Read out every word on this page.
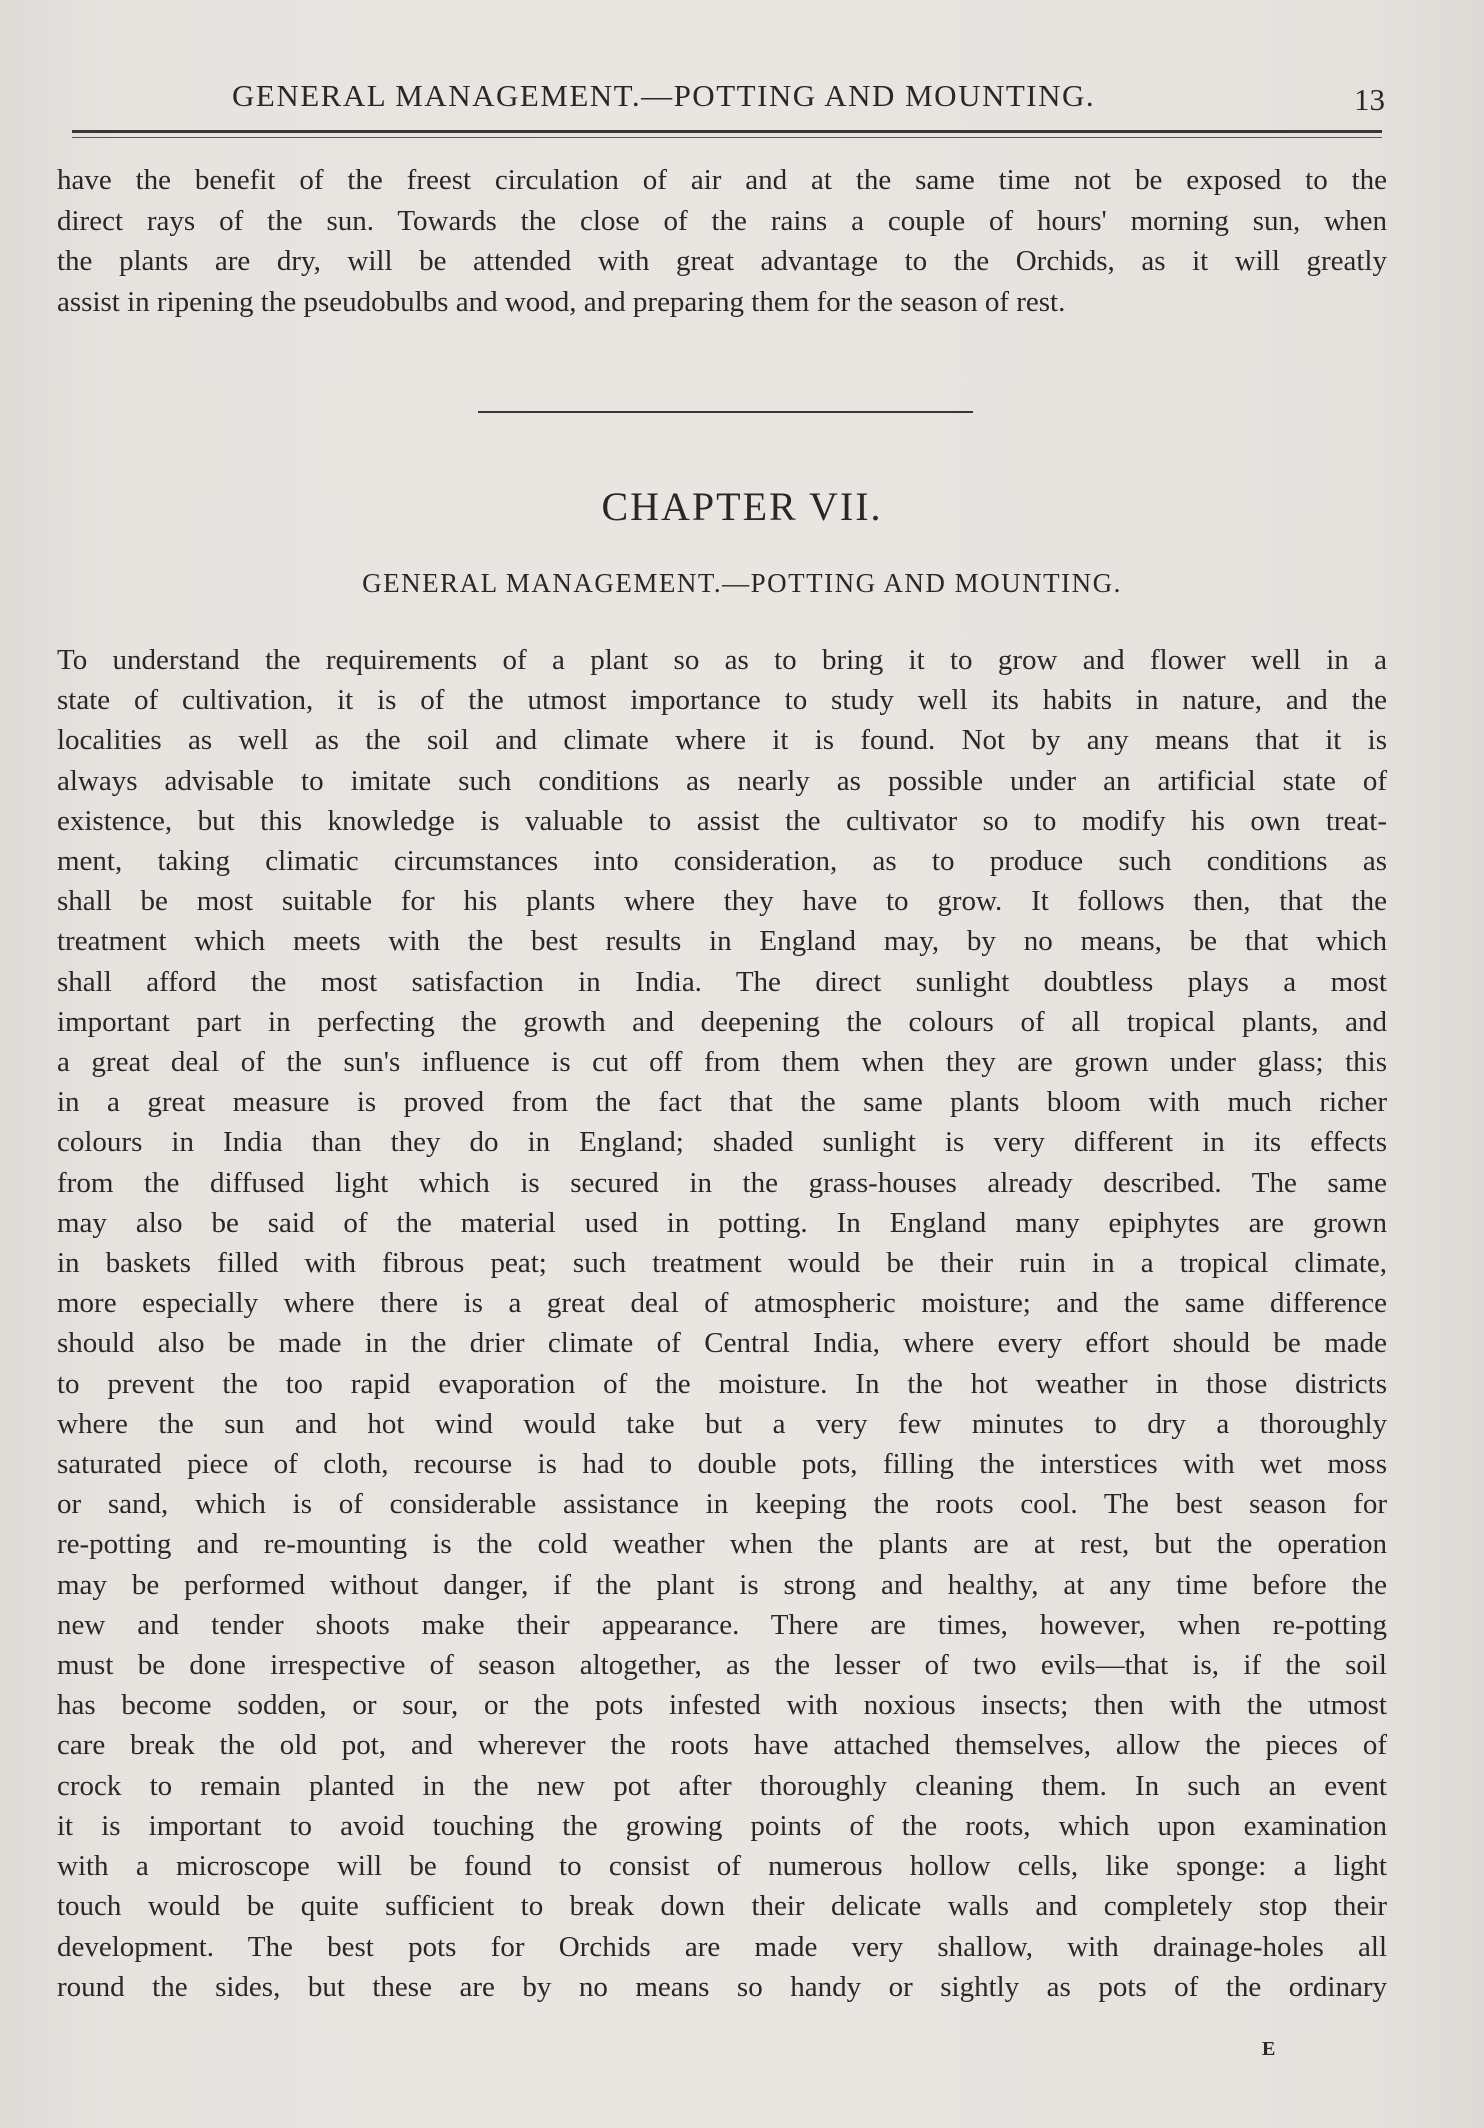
GENERAL MANAGEMENT.—POTTING AND MOUNTING.	13
have the benefit of the freest circulation of air and at the same time not be exposed to the
direct rays of the sun. Towards the close of the rains a couple of hours' morning sun, when
the plants are dry, will be attended with great advantage to the Orchids, as it will greatly
assist in ripening the pseudobulbs and wood, and preparing them for the season of rest.
CHAPTER VII.
GENERAL MANAGEMENT.—POTTING AND MOUNTING.
To understand the requirements of a plant so as to bring it to grow and flower well in a
state of cultivation, it is of the utmost importance to study well its habits in nature, and the
localities as well as the soil and climate where it is found. Not by any means that it is
always advisable to imitate such conditions as nearly as possible under an artificial state of
existence, but this knowledge is valuable to assist the cultivator so to modify his own treat-
ment, taking climatic circumstances into consideration, as to produce such conditions as
shall be most suitable for his plants where they have to grow. It follows then, that the
treatment which meets with the best results in England may, by no means, be that which
shall afford the most satisfaction in India. The direct sunlight doubtless plays a most
important part in perfecting the growth and deepening the colours of all tropical plants, and
a great deal of the sun's influence is cut off from them when they are grown under glass; this
in a great measure is proved from the fact that the same plants bloom with much richer
colours in India than they do in England; shaded sunlight is very different in its effects
from the diffused light which is secured in the grass-houses already described. The same
may also be said of the material used in potting. In England many epiphytes are grown
in baskets filled with fibrous peat; such treatment would be their ruin in a tropical climate,
more especially where there is a great deal of atmospheric moisture; and the same difference
should also be made in the drier climate of Central India, where every effort should be made
to prevent the too rapid evaporation of the moisture. In the hot weather in those districts
where the sun and hot wind would take but a very few minutes to dry a thoroughly
saturated piece of cloth, recourse is had to double pots, filling the interstices with wet moss
or sand, which is of considerable assistance in keeping the roots cool. The best season for
re-potting and re-mounting is the cold weather when the plants are at rest, but the operation
may be performed without danger, if the plant is strong and healthy, at any time before the
new and tender shoots make their appearance. There are times, however, when re-potting
must be done irrespective of season altogether, as the lesser of two evils—that is, if the soil
has become sodden, or sour, or the pots infested with noxious insects; then with the utmost
care break the old pot, and wherever the roots have attached themselves, allow the pieces of
crock to remain planted in the new pot after thoroughly cleaning them. In such an event
it is important to avoid touching the growing points of the roots, which upon examination
with a microscope will be found to consist of numerous hollow cells, like sponge: a light
touch would be quite sufficient to break down their delicate walls and completely stop their
development. The best pots for Orchids are made very shallow, with drainage-holes all
round the sides, but these are by no means so handy or sightly as pots of the ordinary
E
